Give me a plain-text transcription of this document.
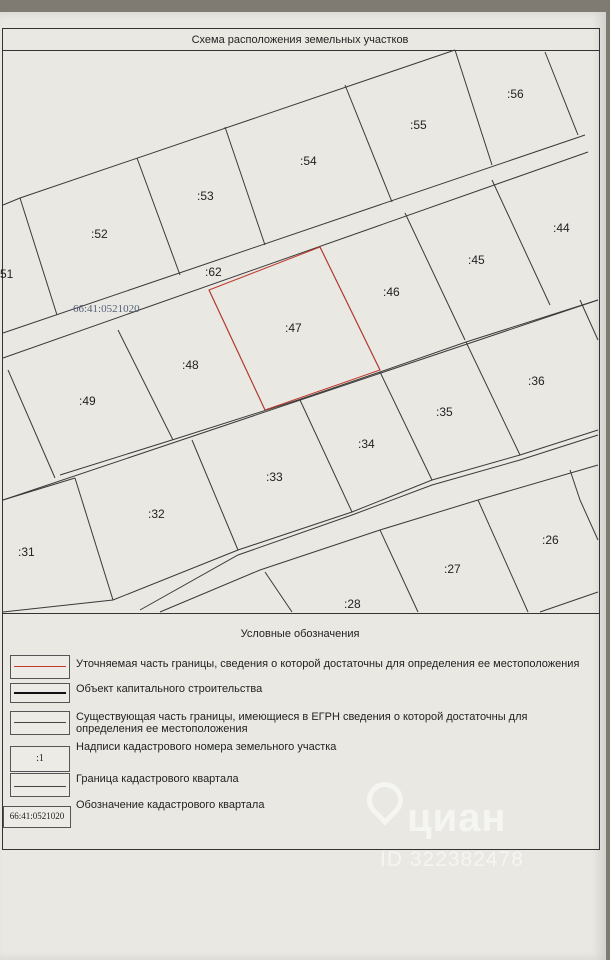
Схема расположения земельных участков
:56
:55
:54
:53
:52
51	:62
:44
:45
:46
:47
:48
:49
:36
:35
:34
:33
:32
:31
:26
:27
:28
66:41:0521020
Условные обозначения
Уточняемая часть границы, сведения о которой достаточны для определения ее местоположения
Объект капитального строительства
Существующая часть границы, имеющиеся в ЕГРН сведения о которой достаточны для определения ее местоположения
:1
Надписи кадастрового номера земельного участка
Граница кадастрового квартала
66:41:0521020
Обозначение кадастрового квартала	циан
ID 322382478
